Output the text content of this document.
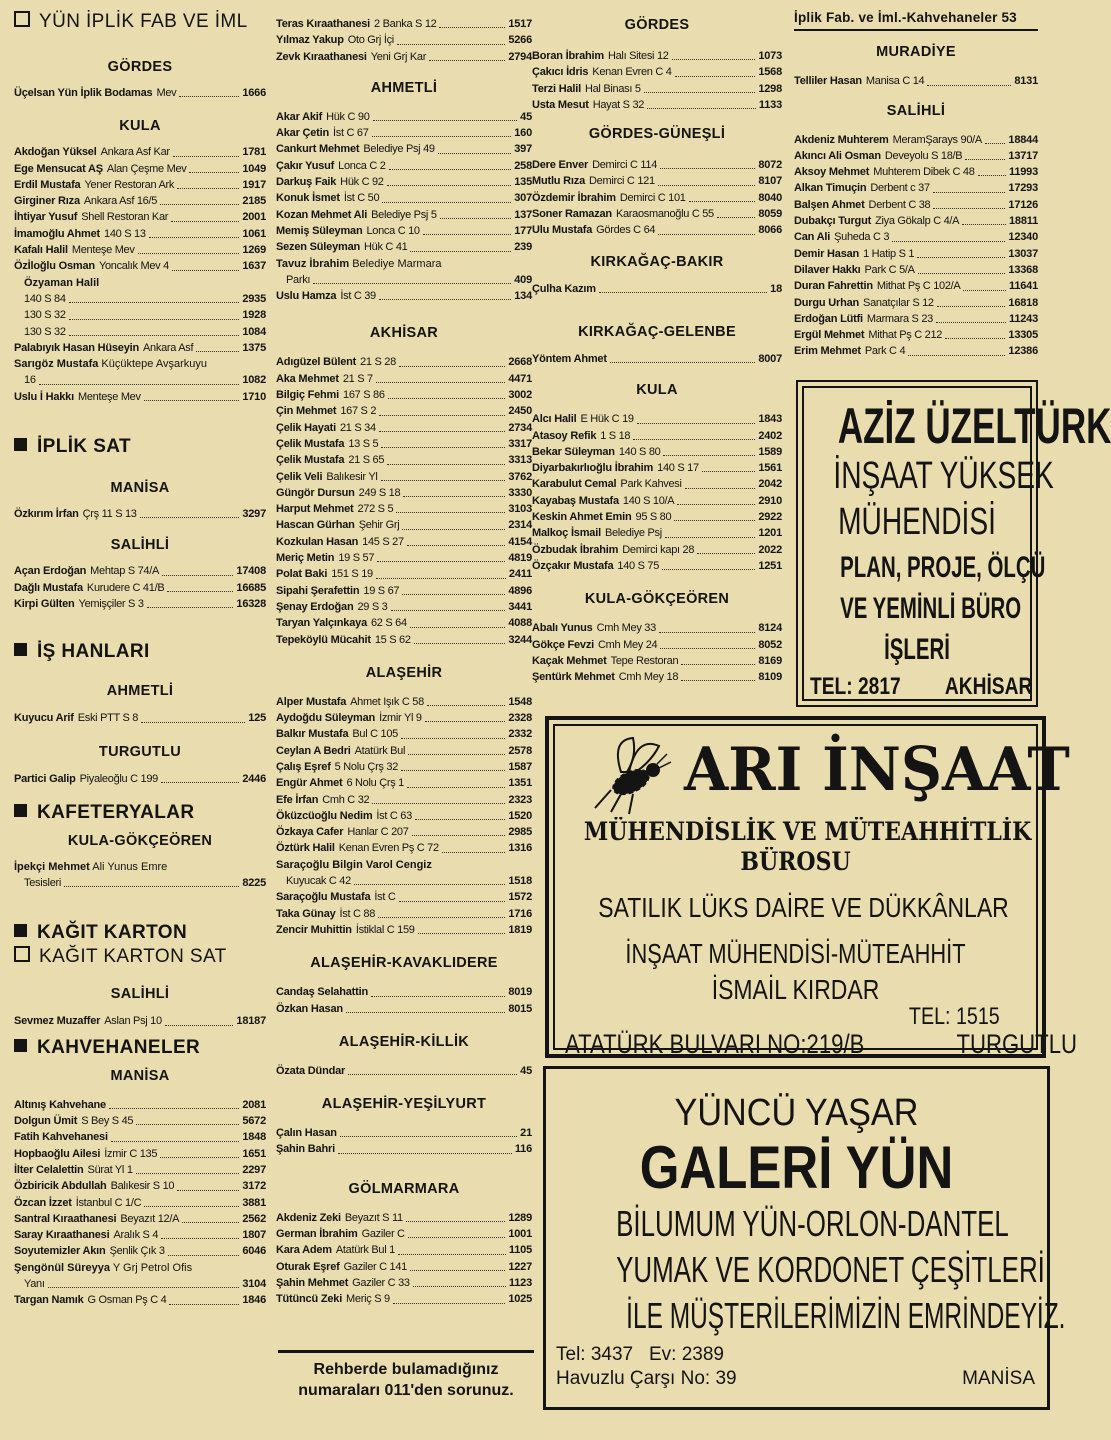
YÜN İPLİK FAB VE İML
GÖRDES
Üçelsan Yün İplik Bodamas Mev	1666
KULA
Akdoğan Yüksel Ankara Asf Kar	1781
Ege Mensucat AŞ Alan Çeşme Mev	1049
Erdil Mustafa Yener Restoran Ark	1917
Girginer Rıza Ankara Asf 16/5	2185
İhtiyar Yusuf Shell Restoran Kar	2001
İmamoğlu Ahmet 140 S 13	1061
Kafalı Halil Menteşe Mev	1269
Özİloğlu Osman Yoncalık Mev 4	1637
Özyaman Halil
140 S 84	2935
130 S 32	1928
130 S 32	1084
Palabıyık Hasan Hüseyin Ankara Asf	1375
Sarıgöz Mustafa Küçüktepe Avşarkuyu
16	1082
Uslu İ Hakkı Menteşe Mev	1710
İPLİK SAT
MANİSA
Özkırım İrfan Çrş 11 S 13	3297
SALİHLİ
Açan Erdoğan Mehtap S 74/A	17408
Dağlı Mustafa Kurudere C 41/B	16685
Kirpi Gülten Yemişçiler S 3	16328
İŞ HANLARI
AHMETLİ
Kuyucu Arif Eski PTT S 8	125
TURGUTLU
Partici Galip Piyaleoğlu C 199	2446
KAFETERYALAR
KULA-GÖKÇEÖREN
İpekçi Mehmet Ali Yunus Emre
Tesisleri	8225
KAĞIT KARTON
KAĞIT KARTON SAT
SALİHLİ
Sevmez Muzaffer Aslan Psj 10	18187
KAHVEHANELER
MANİSA
Altınış Kahvehane	2081
Dolgun Ümit S Bey S 45	5672
Fatih Kahvehanesi	1848
Hopbaoğlu Ailesi İzmir C 135	1651
İlter Celalettin Sürat Yl 1	2297
Özbiricik Abdullah Balıkesir S 10	3172
Özcan İzzet İstanbul C 1/C	3881
Santral Kıraathanesi Beyazıt 12/A	2562
Saray Kıraathanesi Aralık S 4	1807
Soyutemizler Akın Şenlik Çık 3	6046
Şengönül Süreyya Y Grj Petrol Ofis
Yanı	3104
Targan Namık G Osman Pş C 4	1846
Teras Kıraathanesi 2 Banka S 12	1517
Yılmaz Yakup Oto Grj İçi	5266
Zevk Kıraathanesi Yeni Grj Kar	2794
AHMETLİ
Akar Akif Hük C 90	45
Akar Çetin İst C 67	160
Cankurt Mehmet Belediye Psj 49	397
Çakır Yusuf Lonca C 2	258
Darkuş Faik Hük C 92	135
Konuk İsmet İst C 50	307
Kozan Mehmet Ali Belediye Psj 5	137
Memiş Süleyman Lonca C 10	177
Sezen Süleyman Hük C 41	239
Tavuz İbrahim Belediye Marmara
Parkı	409
Uslu Hamza İst C 39	134
AKHİSAR
Adıgüzel Bülent 21 S 28	2668
Aka Mehmet 21 S 7	4471
Bilgiç Fehmi 167 S 86	3002
Çin Mehmet 167 S 2	2450
Çelik Hayati 21 S 34	2734
Çelik Mustafa 13 S 5	3317
Çelik Mustafa 21 S 65	3313
Çelik Veli Balıkesir Yl	3762
Güngör Dursun 249 S 18	3330
Harput Mehmet 272 S 5	3103
Hascan Gürhan Şehir Grj	2314
Kozkulan Hasan 145 S 27	4154
Meriç Metin 19 S 57	4819
Polat Baki 151 S 19	2411
Sipahi Şerafettin 19 S 67	4896
Şenay Erdoğan 29 S 3	3441
Taryan Yalçınkaya 62 S 64	4088
Tepeköylü Mücahit 15 S 62	3244
ALAŞEHİR
Alper Mustafa Ahmet Işık C 58	1548
Aydoğdu Süleyman İzmir Yl 9	2328
Balkır Mustafa Bul C 105	2332
Ceylan A Bedri Atatürk Bul	2578
Çalış Eşref 5 Nolu Çrş 32	1587
Engür Ahmet 6 Nolu Çrş 1	1351
Efe İrfan Cmh C 32	2323
Öküzcüoğlu Nedim İst C 63	1520
Özkaya Cafer Hanlar C 207	2985
Öztürk Halil Kenan Evren Pş C 72	1316
Saraçoğlu Bilgin Varol Cengiz
Kuyucak C 42	1518
Saraçoğlu Mustafa İst C	1572
Taka Günay İst C 88	1716
Zencir Muhittin İstiklal C 159	1819
ALAŞEHİR-KAVAKLIDERE
Candaş Selahattin	8019
Özkan Hasan	8015
ALAŞEHİR-KİLLİK
Özata Dündar	45
ALAŞEHİR-YEŞİLYURT
Çalın Hasan	21
Şahin Bahri	116
GÖLMARMARA
Akdeniz Zeki Beyazıt S 11	1289
German İbrahim Gaziler C	1001
Kara Adem Atatürk Bul 1	1105
Oturak Eşref Gaziler C 141	1227
Şahin Mehmet Gaziler C 33	1123
Tütüncü Zeki Meriç S 9	1025
Rehberde bulamadığınız
numaraları 011'den sorunuz.
GÖRDES
Boran İbrahim Halı Sitesi 12	1073
Çakıcı İdris Kenan Evren C 4	1568
Terzi Halil Hal Binası 5	1298
Usta Mesut Hayat S 32	1133
GÖRDES-GÜNEŞLİ
Dere Enver Demirci C 114	8072
Mutlu Rıza Demirci C 121	8107
Özdemir İbrahim Demirci C 101	8040
Soner Ramazan Karaosmanoğlu C 55	8059
Ulu Mustafa Gördes C 64	8066
KIRKAĞAÇ-BAKIR
Çulha Kazım	18
KIRKAĞAÇ-GELENBE
Yöntem Ahmet	8007
KULA
Alcı Halil E Hük C 19	1843
Atasoy Refik 1 S 18	2402
Bekar Süleyman 140 S 80	1589
Diyarbakırlıoğlu İbrahim 140 S 17	1561
Karabulut Cemal Park Kahvesi	2042
Kayabaş Mustafa 140 S 10/A	2910
Keskin Ahmet Emin 95 S 80	2922
Malkoç İsmail Belediye Psj	1201
Özbudak İbrahim Demirci kapı 28	2022
Özçakır Mustafa 140 S 75	1251
KULA-GÖKÇEÖREN
Abalı Yunus Cmh Mey 33	8124
Gökçe Fevzi Cmh Mey 24	8052
Kaçak Mehmet Tepe Restoran	8169
Şentürk Mehmet Cmh Mey 18	8109
İplik Fab. ve İml.-Kahvehaneler 53
MURADİYE
Telliler Hasan Manisa C 14	8131
SALİHLİ
Akdeniz Muhterem MeramŞarays 90/A 18844
Akıncı Ali Osman Deveyolu S 18/B	13717
Aksoy Mehmet Muhterem Dibek C 48	11993
Alkan Timuçin Derbent c 37	17293
Balşen Ahmet Derbent C 38	17126
Dubakçı Turgut Ziya Gökalp C 4/A	18811
Can Ali Şuheda C 3	12340
Demir Hasan 1 Hatip S 1	13037
Dilaver Hakkı Park C 5/A	13368
Duran Fahrettin Mithat Pş C 102/A	11641
Durgu Urhan Sanatçılar S 12	16818
Erdoğan Lütfi Marmara S 23	11243
Ergül Mehmet Mithat Pş C 212	13305
Erim Mehmet Park C 4	12386
AZİZ ÜZELTÜRK
İNŞAAT YÜKSEK
MÜHENDİSİ
PLAN, PROJE, ÖLÇÜ
VE YEMİNLİ BÜRO
İŞLERİ
TEL: 2817 AKHİSAR
ARI İNŞAAT
MÜHENDİSLİK VE MÜTEAHHİTLİK
BÜROSU
SATILIK LÜKS DAİRE VE DÜKKÂNLAR
İNŞAAT MÜHENDİSİ-MÜTEAHHİT
İSMAİL KIRDAR
TEL: 1515
ATATÜRK BULVARI NO:219/B	TURGUTLU
YÜNCÜ YAŞAR
GALERİ YÜN
BİLUMUM YÜN-ORLON-DANTEL
YUMAK VE KORDONET ÇEŞİTLERİ
İLE MÜŞTERİLERİMİZİN EMRİNDEYİZ.
Tel: 3437 Ev: 2389
Havuzlu Çarşı No: 39	MANİSA
